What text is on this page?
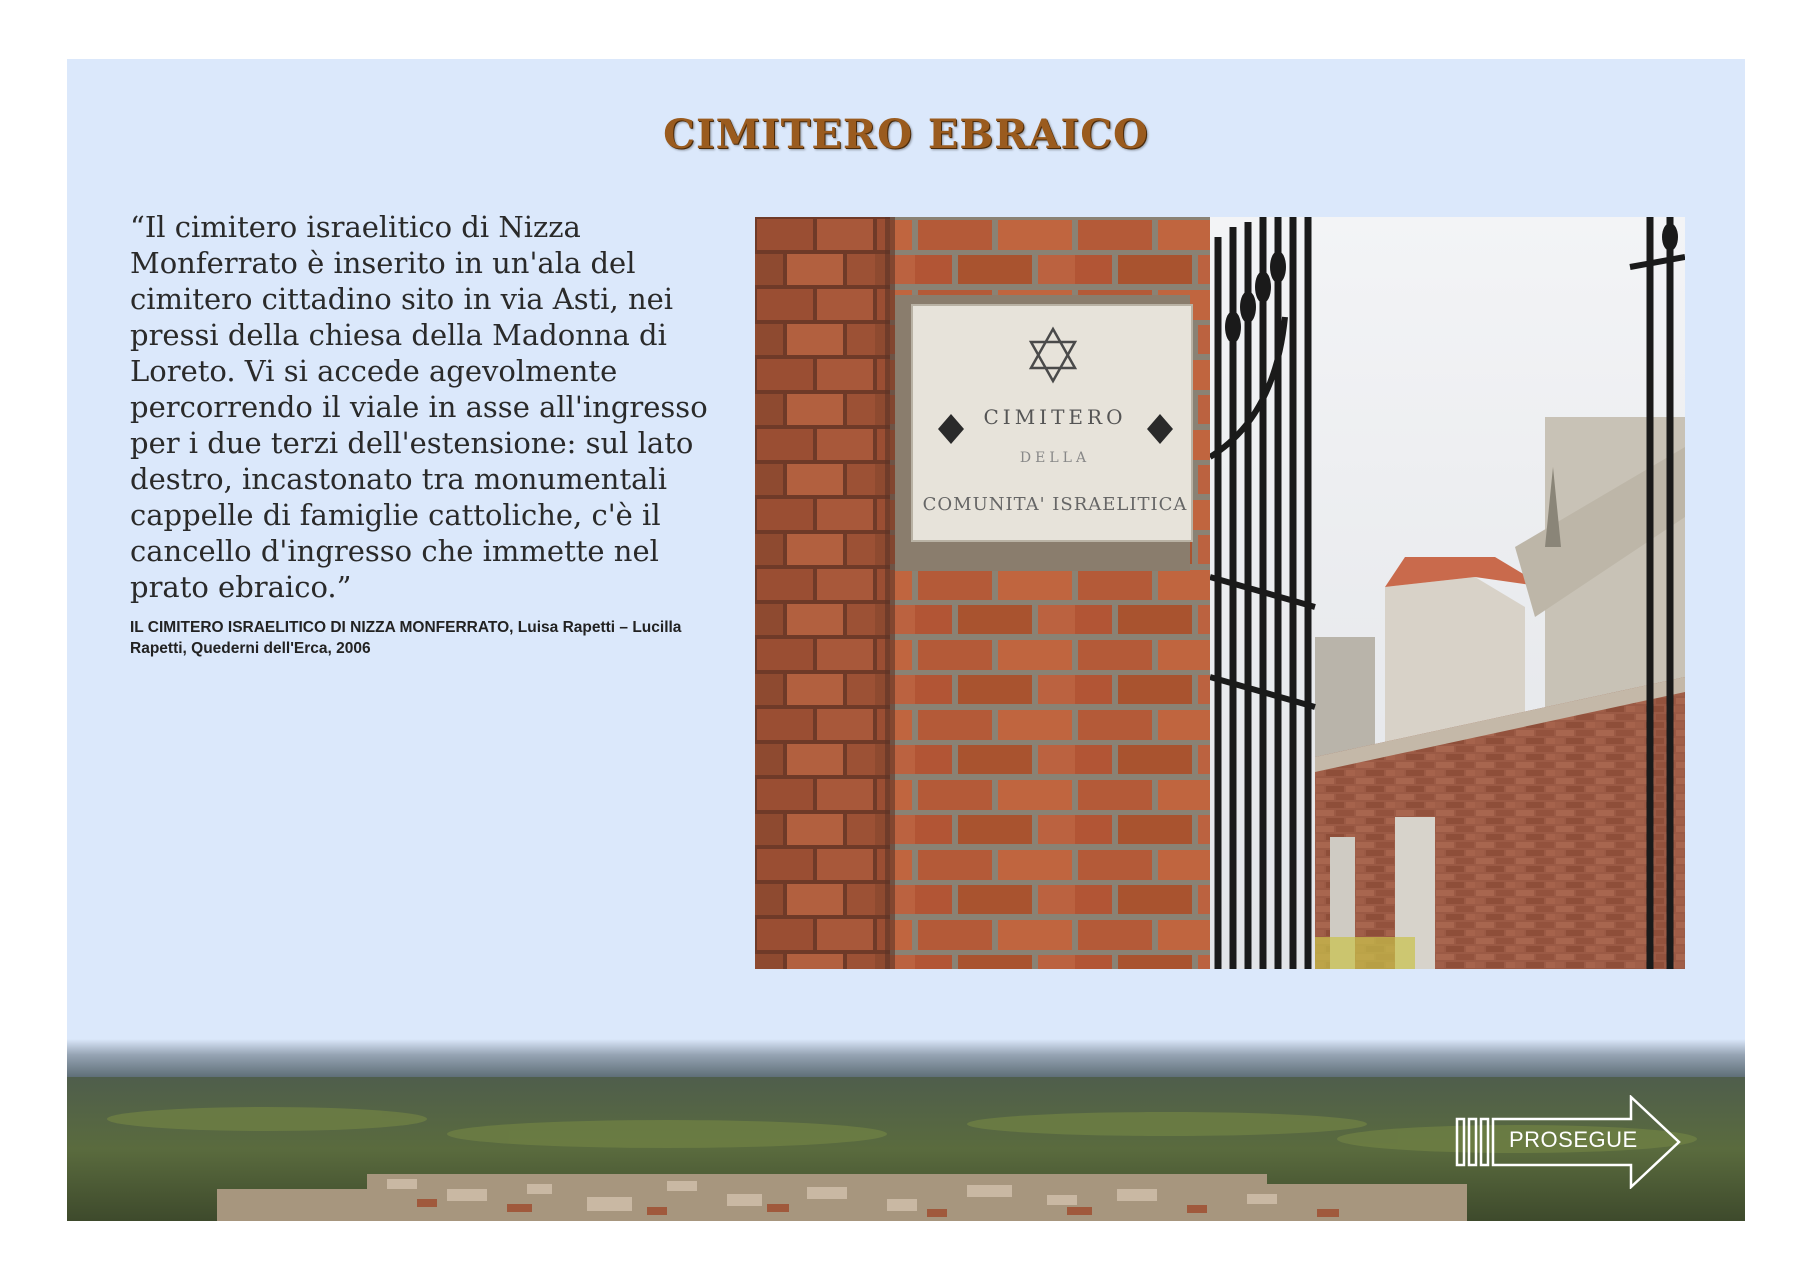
CIMITERO EBRAICO

“Il cimitero israelitico di Nizza Monferrato è inserito in un'ala del cimitero cittadino sito in via Asti, nei pressi della chiesa della Madonna di Loreto. Vi si accede agevolmente percorrendo il viale in asse all'ingresso per i due terzi dell'estensione: sul lato destro, incastonato tra monumentali cappelle di famiglie cattoliche, c'è il cancello d'ingresso che immette nel prato ebraico.”

IL CIMITERO ISRAELITICO DI NIZZA MONFERRATO, Luisa Rapetti – Lucilla Rapetti, Quederni dell'Erca, 2006

CIMITERO
DELLA
COMUNITA' ISRAELITICA
PROSEGUE
